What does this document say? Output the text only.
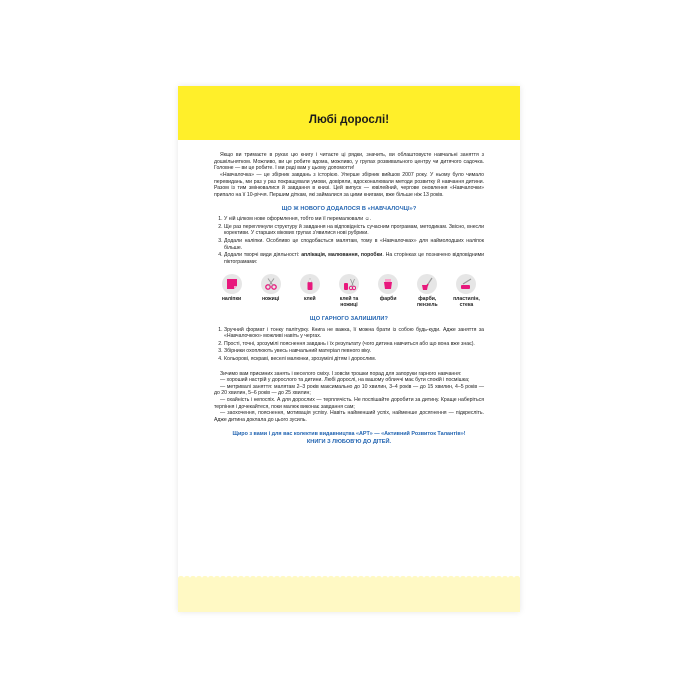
Любі дорослі!

Якщо ви тримаєте в руках цю книгу і читаєте ці рядки, значить, ви облаштовуєте навчальні заняття з дошкільнятком. Можливо, ви це робите вдома, можливо, у групах розвивального центру чи дитячого садочка. Головне — ви це робите. І ми раді вам у цьому допомогти!

«Навчалочка» — це збірник завдань з історією. Уперше збірник вийшов 2007 року. У ньому було чимало перевидань, ми раз у раз покращували умови, довіряли, вдосконалювали методи розвитку й навчання дитини. Разом із тим змінювалися й завдання в книзі. Цей випуск — ювілейний, чергове оновлення «Навчалочки» припало на її 10-річчя. Першим діткам, які займалися за цими книгами, вже більше ніж 13 років.

ЩО Ж НОВОГО ДОДАЛОСЯ В «НАВЧАЛОЧЦІ»?
1. У ній цілком нове оформлення, тобто ми її перемалювали ☺.
2. Ще раз переглянули структуру й завдання на відповідність сучасним програмам, методикам. Звісно, внесли корективи. У старших вікових групах з'явилися нові рубрики.
3. Додали наліпки. Особливо це сподобається малятам, тому в «Навчалочках» для наймолодших наліпок більше.
4. Додали творчі види діяльності: аплікація, малювання, поробки. На сторінках це позначено відповідними піктограмами:
наліпки	ножиці	клей	клей та ножиці
фарби	фарби, пензель
пластилін, стека
ЩО ГАРНОГО ЗАЛИШИЛИ?
1. Зручний формат і тонку палітурку. Книга не важка, її можна брати із собою будь-куди. Адже заняття за «Навчалочкою» можливі навіть у чергах.
2. Прості, точні, зрозумілі пояснення завдань і їх результату (чого дитина навчиться або що вона вже знає).
3. Збірники охоплюють увесь навчальний матеріал певного віку.
4. Кольорові, яскраві, веселі малюнки, зрозумілі дітям і дорослим.

Зичимо вам приємних занять і веселого сміху. І зовсім трошки порад для запоруки гарного навчання:

— хороший настрій у дорослого та дитини. Любі дорослі, на вашому обличчі має бути спокій і посмішка;

— метривалі заняття: малятам 2–3 років максимально до 10 хвилин, 3–4 років — до 15 хвилин, 4–5 років — до 20 хвилин, 5–6 років — до 25 хвилин;

— охайність і непоспіх. А для дорослих — терплячість. Не поспішайте доробити за дитину. Краще наберіться терпіння і дочекайтеся, поки малюк виконає завдання сам;

— заохочення, пояснення, мотивація успіху. Навіть найменший успіх, найменше досягнення — підкресліть. Адже дитина доклала до цього зусиль.

Щиро з вами і для вас колектив видавництва «АРТ» — «Активний Розвиток Талантів»!
КНИГИ З ЛЮБОВ'Ю ДО ДІТЕЙ.
